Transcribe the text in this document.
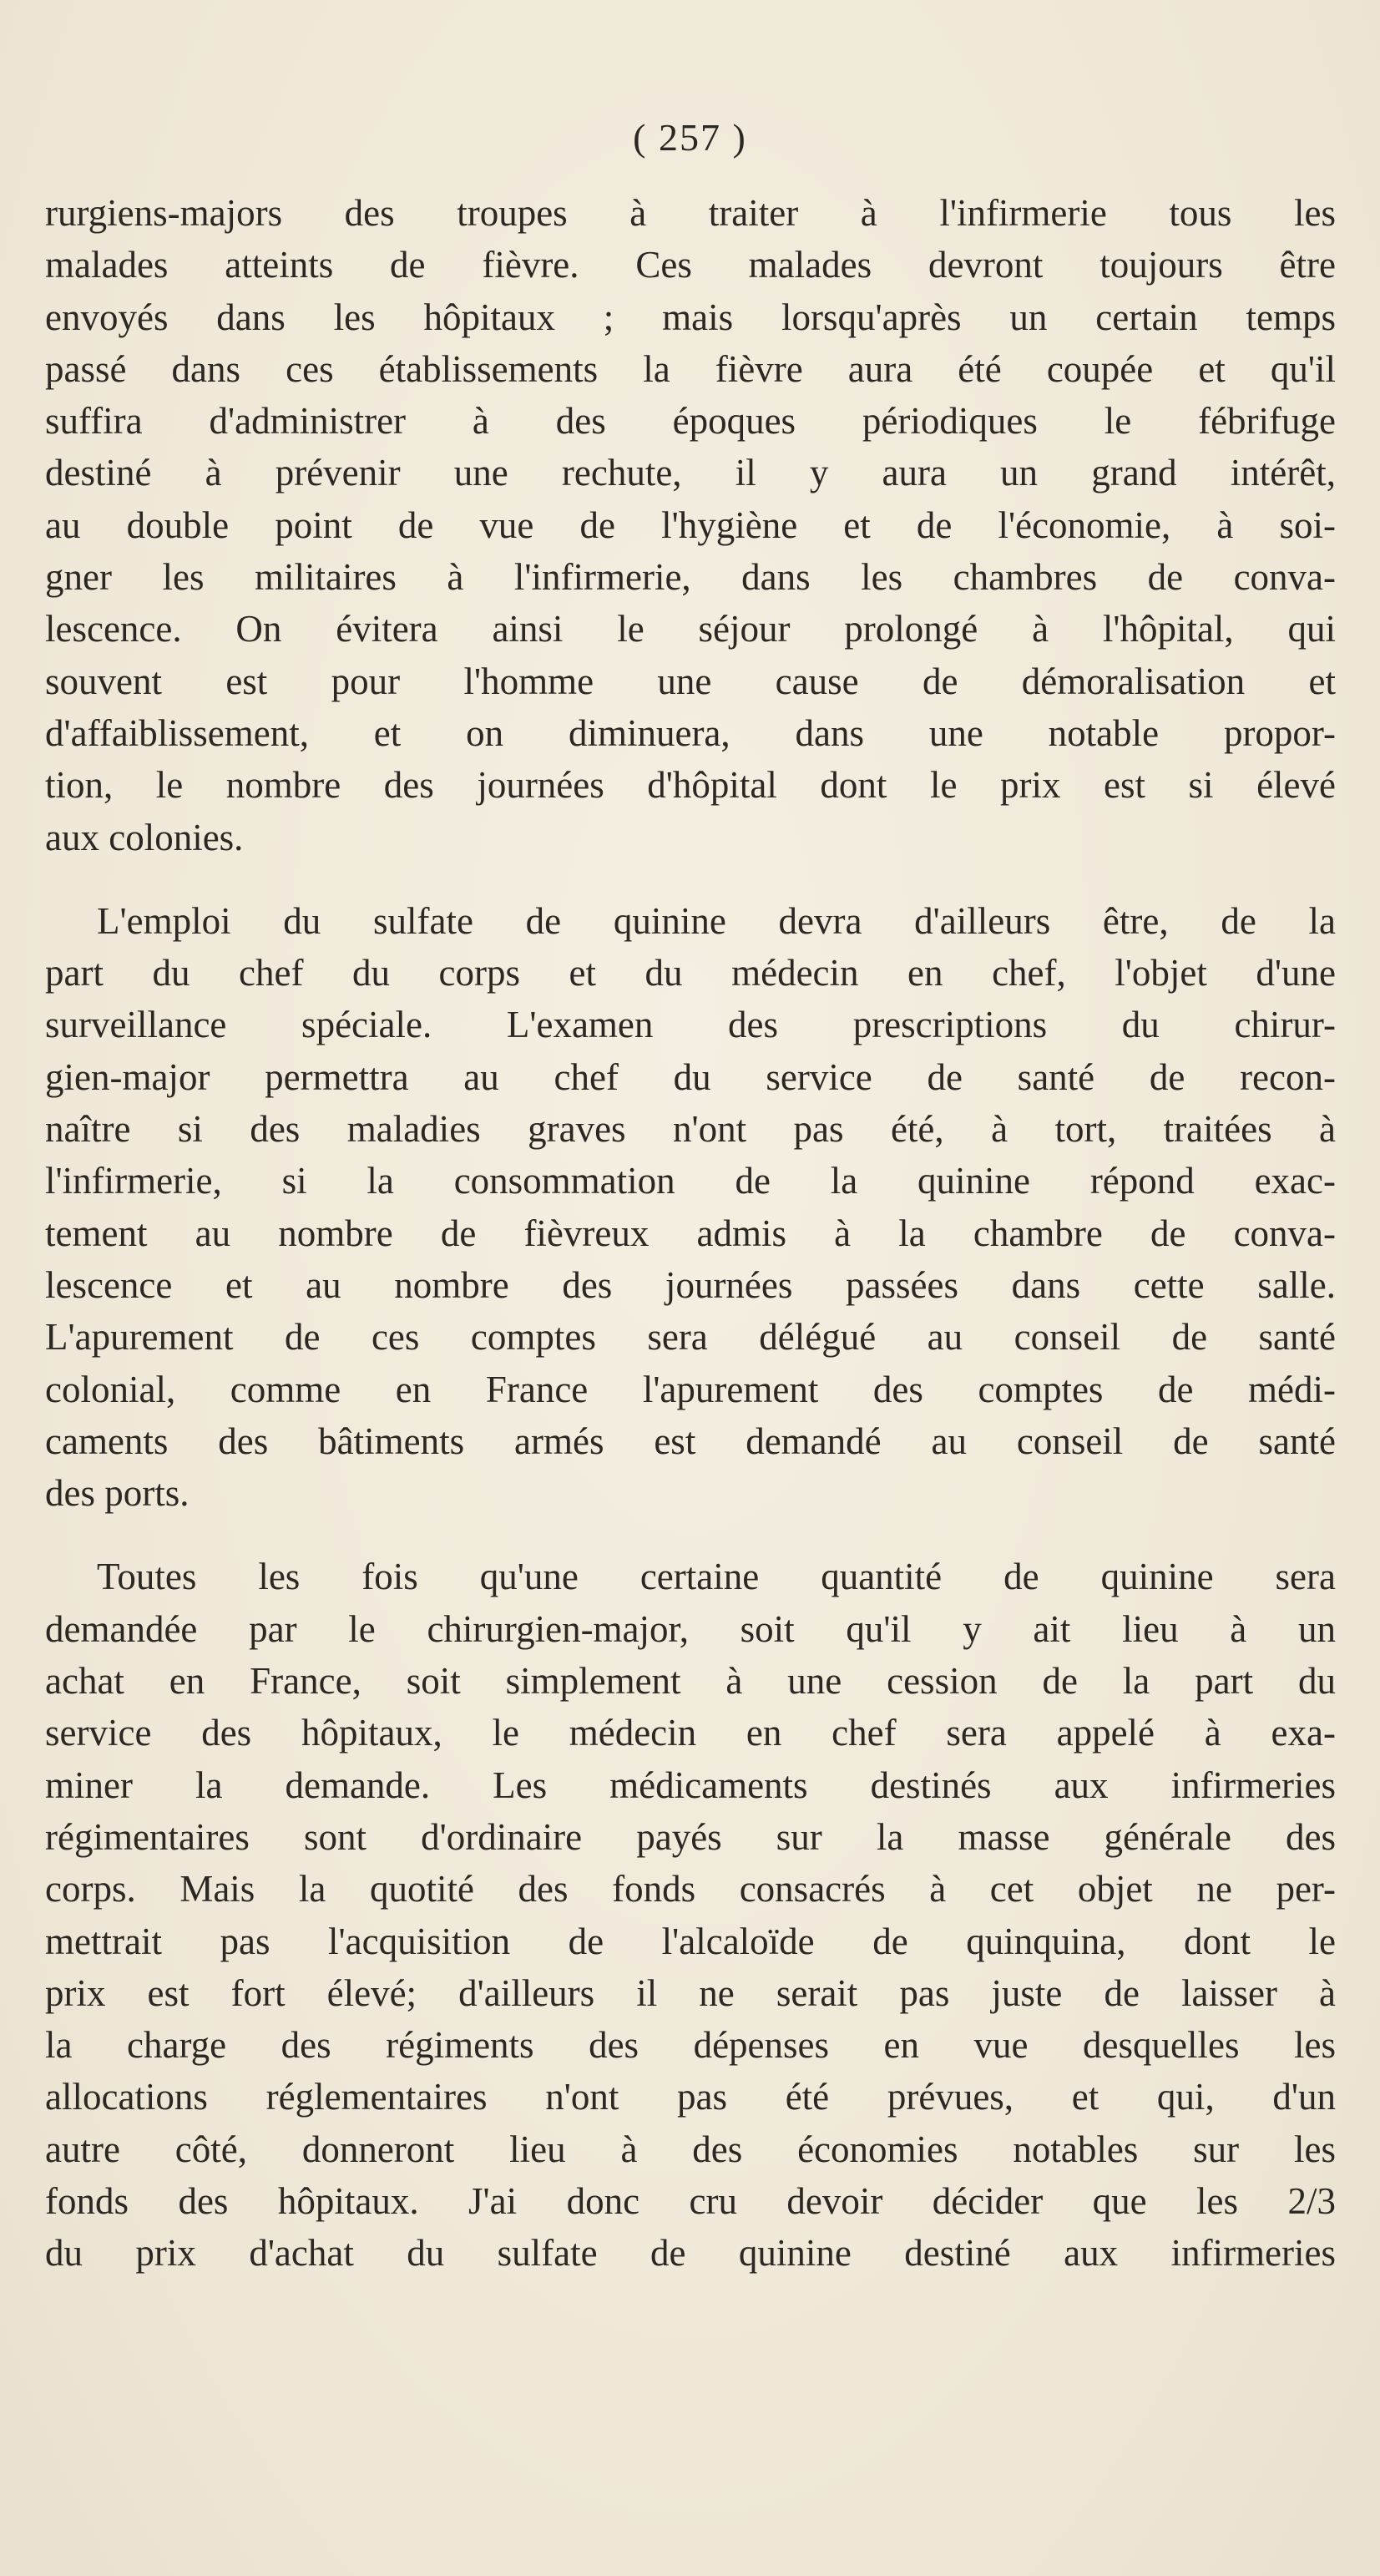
( 257 )
rurgiens-majors des troupes à traiter à l'infirmerie tous les
malades atteints de fièvre. Ces malades devront toujours être
envoyés dans les hôpitaux ; mais lorsqu'après un certain temps
passé dans ces établissements la fièvre aura été coupée et qu'il
suffira d'administrer à des époques périodiques le fébrifuge
destiné à prévenir une rechute, il y aura un grand intérêt,
au double point de vue de l'hygiène et de l'économie, à soi-
gner les militaires à l'infirmerie, dans les chambres de conva-
lescence. On évitera ainsi le séjour prolongé à l'hôpital, qui
souvent est pour l'homme une cause de démoralisation et
d'affaiblissement, et on diminuera, dans une notable propor-
tion, le nombre des journées d'hôpital dont le prix est si élevé
aux colonies.
L'emploi du sulfate de quinine devra d'ailleurs être, de la
part du chef du corps et du médecin en chef, l'objet d'une
surveillance spéciale. L'examen des prescriptions du chirur-
gien-major permettra au chef du service de santé de recon-
naître si des maladies graves n'ont pas été, à tort, traitées à
l'infirmerie, si la consommation de la quinine répond exac-
tement au nombre de fièvreux admis à la chambre de conva-
lescence et au nombre des journées passées dans cette salle.
L'apurement de ces comptes sera délégué au conseil de santé
colonial, comme en France l'apurement des comptes de médi-
caments des bâtiments armés est demandé au conseil de santé
des ports.
Toutes les fois qu'une certaine quantité de quinine sera
demandée par le chirurgien-major, soit qu'il y ait lieu à un
achat en France, soit simplement à une cession de la part du
service des hôpitaux, le médecin en chef sera appelé à exa-
miner la demande. Les médicaments destinés aux infirmeries
régimentaires sont d'ordinaire payés sur la masse générale des
corps. Mais la quotité des fonds consacrés à cet objet ne per-
mettrait pas l'acquisition de l'alcaloïde de quinquina, dont le
prix est fort élevé; d'ailleurs il ne serait pas juste de laisser à
la charge des régiments des dépenses en vue desquelles les
allocations réglementaires n'ont pas été prévues, et qui, d'un
autre côté, donneront lieu à des économies notables sur les
fonds des hôpitaux. J'ai donc cru devoir décider que les 2/3
du prix d'achat du sulfate de quinine destiné aux infirmeries
